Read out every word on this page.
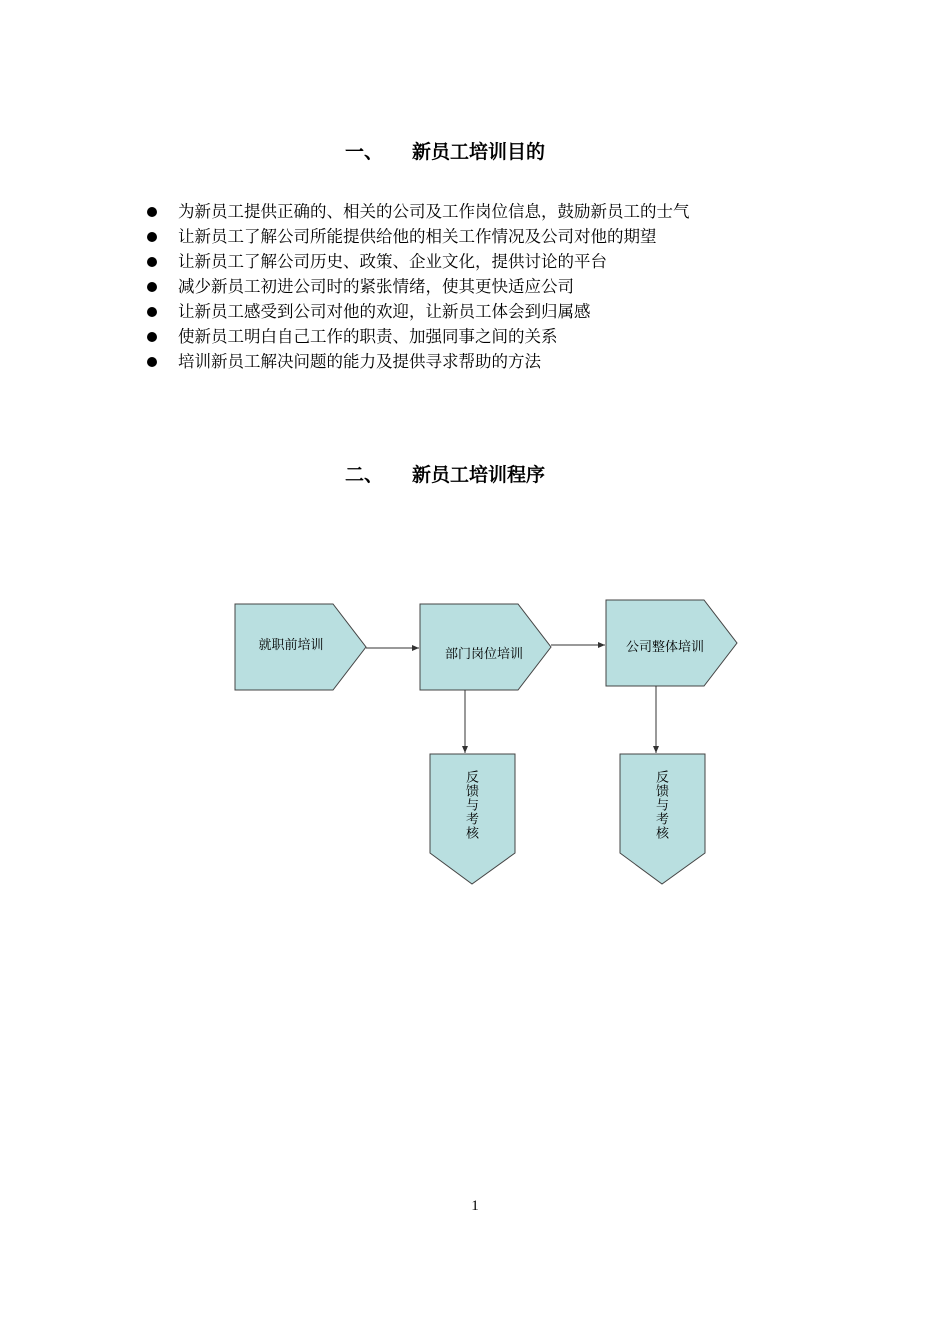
一、 新员工培训目的
为新员工提供正确的、相关的公司及工作岗位信息，鼓励新员工的士气
让新员工了解公司所能提供给他的相关工作情况及公司对他的期望
让新员工了解公司历史、政策、企业文化，提供讨论的平台
减少新员工初进公司时的紧张情绪，使其更快适应公司
让新员工感受到公司对他的欢迎，让新员工体会到归属感
使新员工明白自己工作的职责、加强同事之间的关系
培训新员工解决问题的能力及提供寻求帮助的方法
二、 新员工培训程序
就职前培训
部门岗位培训	公司整体培训
反馈与考核	反馈与考核
1
